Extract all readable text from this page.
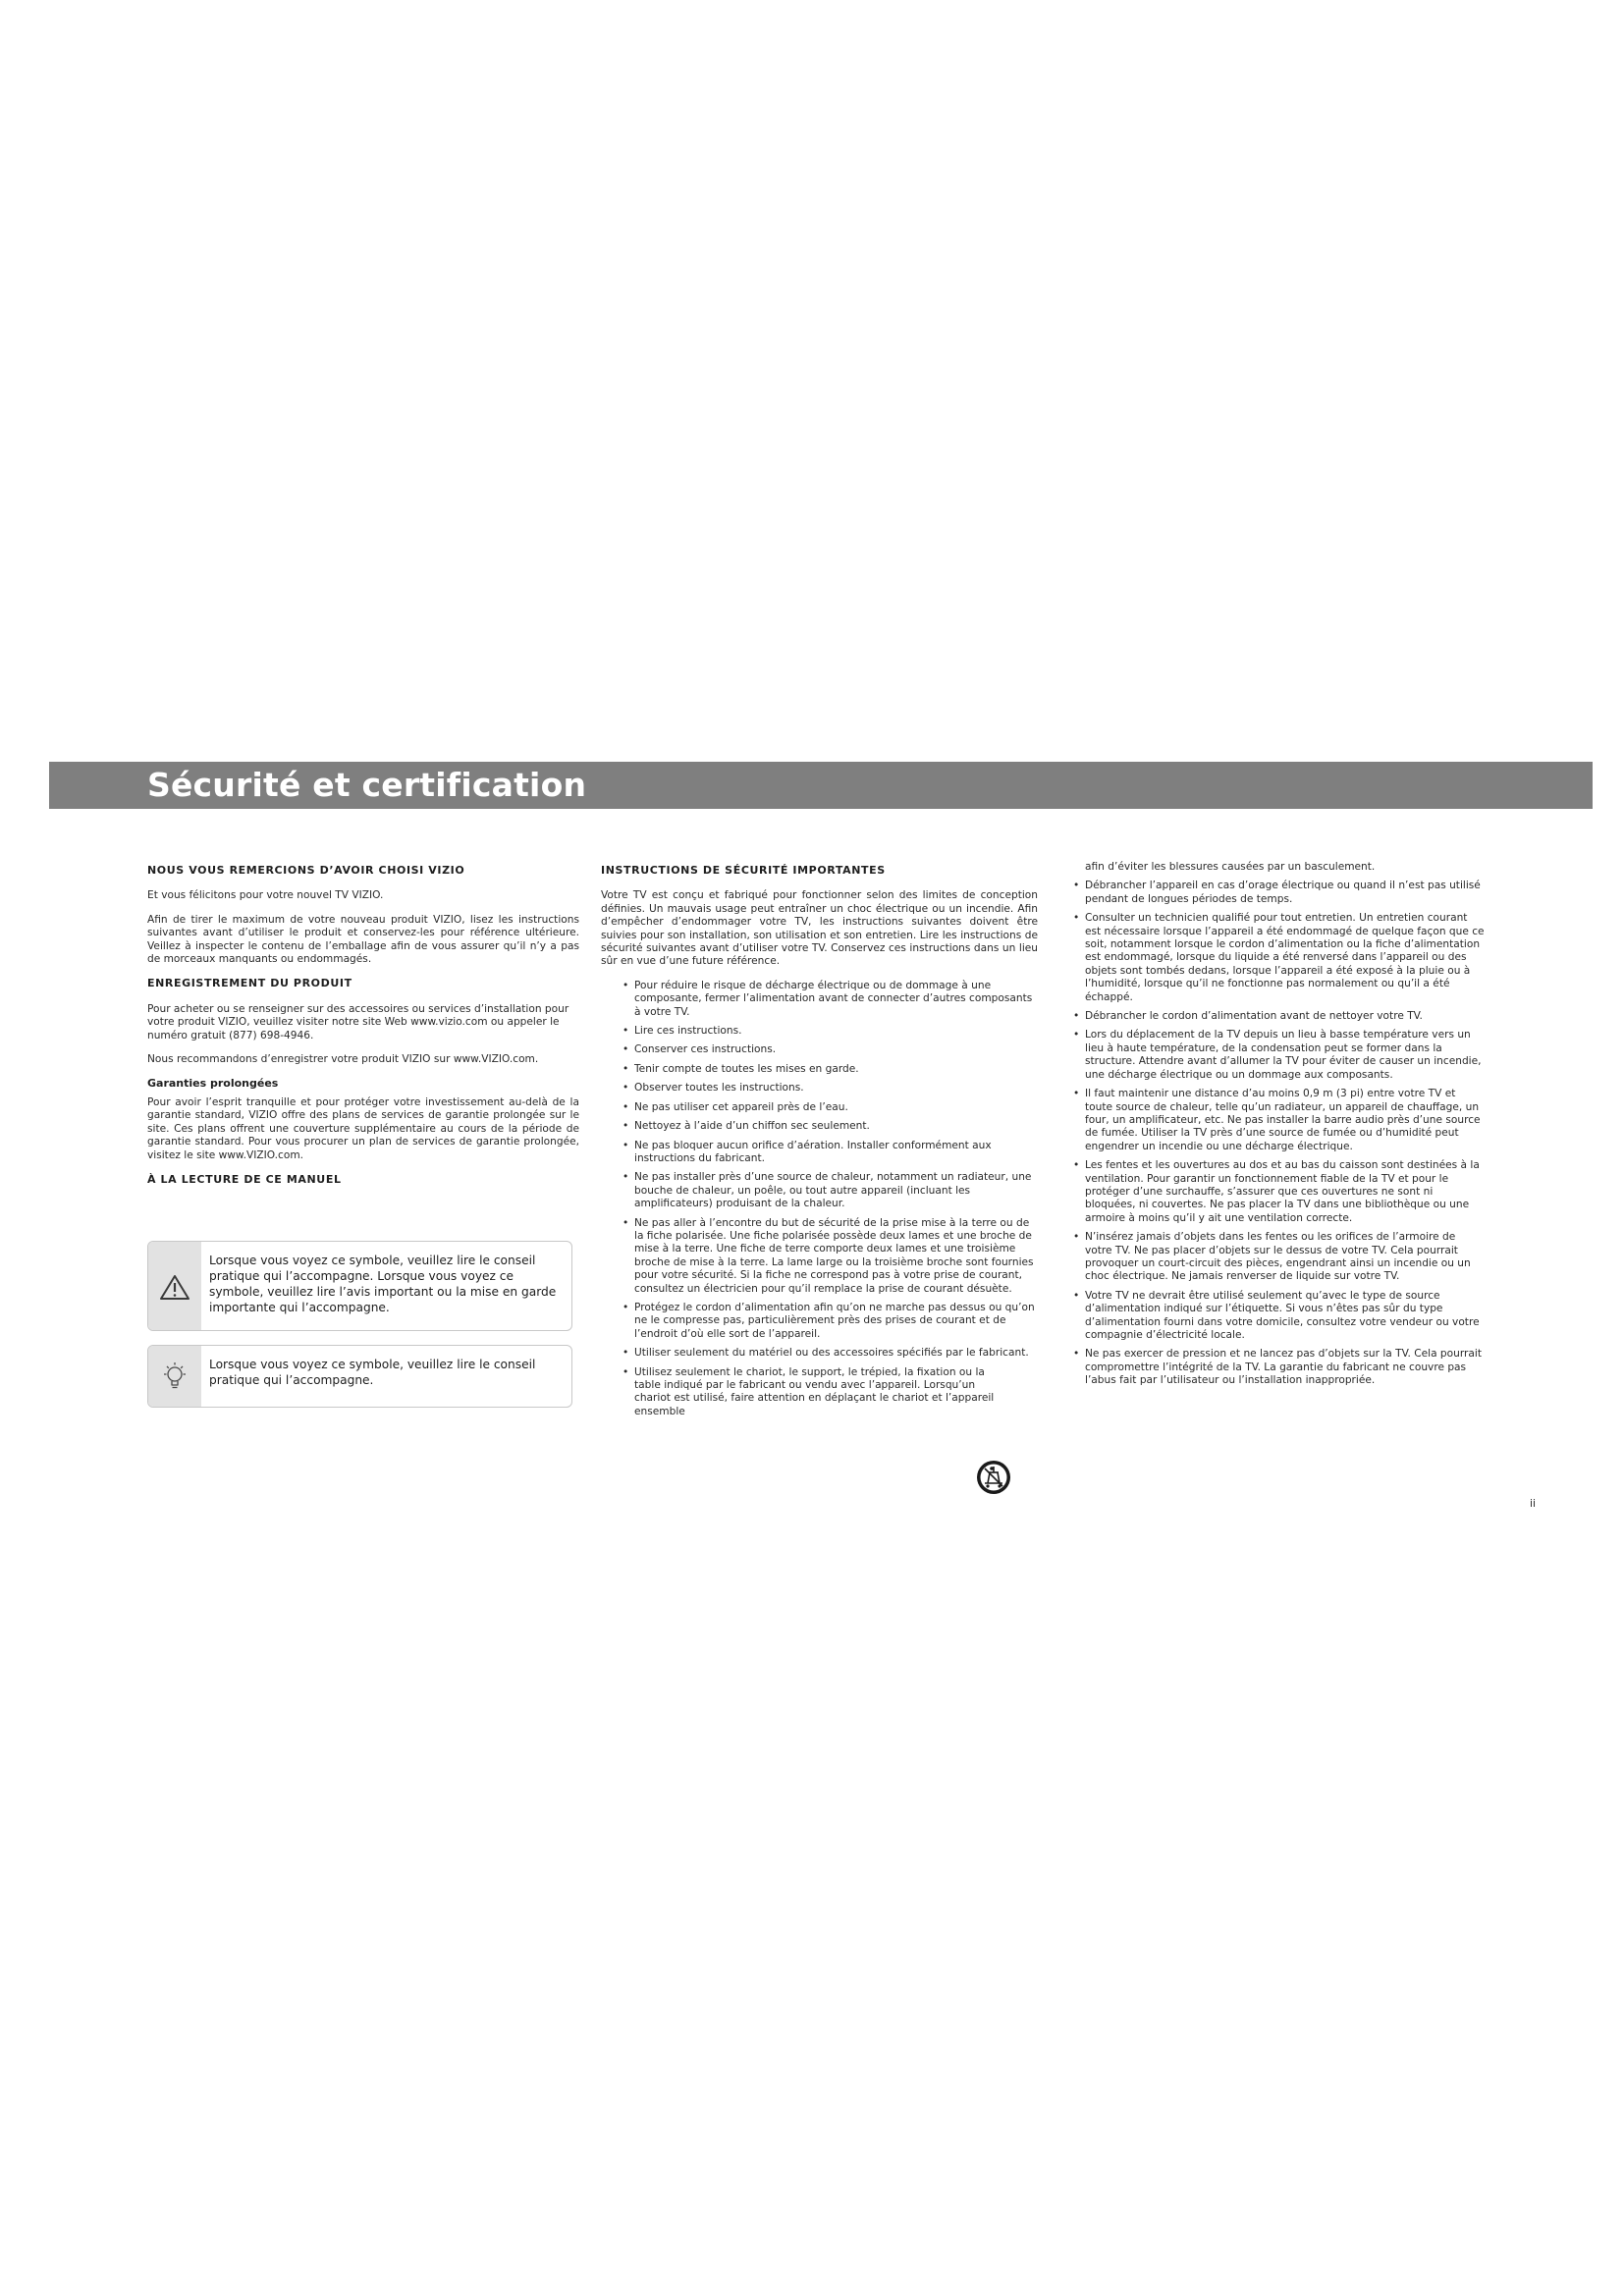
Sécurité et certification
NOUS VOUS REMERCIONS D’AVOIR CHOISI VIZIO

Et vous félicitons pour votre nouvel TV VIZIO.

Afin de tirer le maximum de votre nouveau produit VIZIO, lisez les instructions suivantes avant d’utiliser le produit et conservez-les pour référence ultérieure. Veillez à inspecter le contenu de l’emballage afin de vous assurer qu’il n’y a pas de morceaux manquants ou endommagés.

ENREGISTREMENT DU PRODUIT

Pour acheter ou se renseigner sur des accessoires ou services d’installation pour votre produit VIZIO, veuillez visiter notre site Web www.vizio.com ou appeler le numéro gratuit (877) 698-4946.

Nous recommandons d’enregistrer votre produit VIZIO sur www.VIZIO.com.

Garanties prolongées

Pour avoir l’esprit tranquille et pour protéger votre investissement au-delà de la garantie standard, VIZIO offre des plans de services de garantie prolongée sur le site. Ces plans offrent une couverture supplémentaire au cours de la période de garantie standard. Pour vous procurer un plan de services de garantie prolongée, visitez le site www.VIZIO.com.

À LA LECTURE DE CE MANUEL
Lorsque vous voyez ce symbole, veuillez lire le conseil pratique qui l’accompagne. Lorsque vous voyez ce symbole, veuillez lire l’avis important ou la mise en garde importante qui l’accompagne.
Lorsque vous voyez ce symbole, veuillez lire le conseil pratique qui l’accompagne.
INSTRUCTIONS DE SÉCURITÉ IMPORTANTES

Votre TV est conçu et fabriqué pour fonctionner selon des limites de conception définies. Un mauvais usage peut entraîner un choc électrique ou un incendie. Afin d’empêcher d’endommager votre TV, les instructions suivantes doivent être suivies pour son installation, son utilisation et son entretien. Lire les instructions de sécurité suivantes avant d’utiliser votre TV. Conservez ces instructions dans un lieu sûr en vue d’une future référence.

• Pour réduire le risque de décharge électrique ou de dommage à une composante, fermer l’alimentation avant de connecter d’autres composants à votre TV.
• Lire ces instructions.
• Conserver ces instructions.
• Tenir compte de toutes les mises en garde.
• Observer toutes les instructions.
• Ne pas utiliser cet appareil près de l’eau.
• Nettoyez à l’aide d’un chiffon sec seulement.
• Ne pas bloquer aucun orifice d’aération. Installer conformément aux instructions du fabricant.
• Ne pas installer près d’une source de chaleur, notamment un radiateur, une bouche de chaleur, un poêle, ou tout autre appareil (incluant les amplificateurs) produisant de la chaleur.
• Ne pas aller à l’encontre du but de sécurité de la prise mise à la terre ou de la fiche polarisée. Une fiche polarisée possède deux lames et une broche de mise à la terre. Une fiche de terre comporte deux lames et une troisième broche de mise à la terre. La lame large ou la troisième broche sont fournies pour votre sécurité. Si la fiche ne correspond pas à votre prise de courant, consultez un électricien pour qu’il remplace la prise de courant désuète.
• Protégez le cordon d’alimentation afin qu’on ne marche pas dessus ou qu’on ne le compresse pas, particulièrement près des prises de courant et de l’endroit d’où elle sort de l’appareil.
• Utiliser seulement du matériel ou des accessoires spécifiés par le fabricant.
• Utilisez seulement le chariot, le support, le trépied, la fixation ou la table indiqué par le fabricant ou vendu avec l’appareil. Lorsqu’un chariot est utilisé, faire attention en déplaçant le chariot et l’appareil ensemble

afin d’éviter les blessures causées par un basculement.

• Débrancher l’appareil en cas d’orage électrique ou quand il n’est pas utilisé pendant de longues périodes de temps.
• Consulter un technicien qualifié pour tout entretien. Un entretien courant est nécessaire lorsque l’appareil a été endommagé de quelque façon que ce soit, notamment lorsque le cordon d’alimentation ou la fiche d’alimentation est endommagé, lorsque du liquide a été renversé dans l’appareil ou des objets sont tombés dedans, lorsque l’appareil a été exposé à la pluie ou à l’humidité, lorsque qu’il ne fonctionne pas normalement ou qu’il a été échappé.
• Débrancher le cordon d’alimentation avant de nettoyer votre TV.
• Lors du déplacement de la TV depuis un lieu à basse température vers un lieu à haute température, de la condensation peut se former dans la structure. Attendre avant d’allumer la TV pour éviter de causer un incendie, une décharge électrique ou un dommage aux composants.
• Il faut maintenir une distance d’au moins 0,9 m (3 pi) entre votre TV et toute source de chaleur, telle qu’un radiateur, un appareil de chauffage, un four, un amplificateur, etc. Ne pas installer la barre audio près d’une source de fumée. Utiliser la TV près d’une source de fumée ou d’humidité peut engendrer un incendie ou une décharge électrique.
• Les fentes et les ouvertures au dos et au bas du caisson sont destinées à la ventilation. Pour garantir un fonctionnement fiable de la TV et pour le protéger d’une surchauffe, s’assurer que ces ouvertures ne sont ni bloquées, ni couvertes. Ne pas placer la TV dans une bibliothèque ou une armoire à moins qu’il y ait une ventilation correcte.
• N’insérez jamais d’objets dans les fentes ou les orifices de l’armoire de votre TV. Ne pas placer d’objets sur le dessus de votre TV. Cela pourrait provoquer un court-circuit des pièces, engendrant ainsi un incendie ou un choc électrique. Ne jamais renverser de liquide sur votre TV.
• Votre TV ne devrait être utilisé seulement qu’avec le type de source d’alimentation indiqué sur l’étiquette. Si vous n’êtes pas sûr du type d’alimentation fourni dans votre domicile, consultez votre vendeur ou votre compagnie d’électricité locale.
• Ne pas exercer de pression et ne lancez pas d’objets sur la TV. Cela pourrait compromettre l’intégrité de la TV. La garantie du fabricant ne couvre pas l’abus fait par l’utilisateur ou l’installation inappropriée.
ii
